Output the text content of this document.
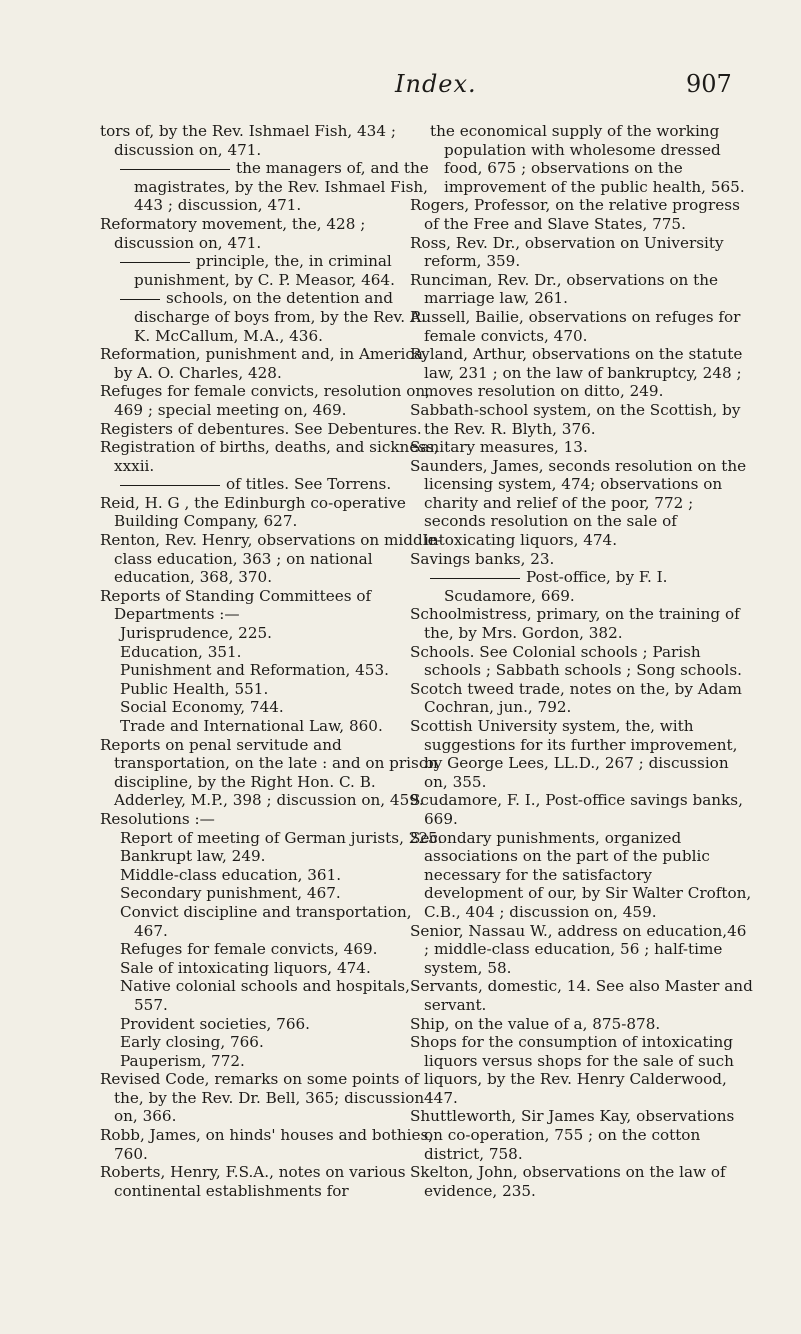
Index.	907
tors of, by the Rev. Ishmael Fish, 434 ; discussion on, 471.
the managers of, and the magistrates, by the Rev. Ishmael Fish, 443 ; discussion, 471.
Reformatory movement, the, 428 ; discussion on, 471.
principle, the, in criminal punishment, by C. P. Measor, 464.
schools, on the detention and discharge of boys from, by the Rev. A. K. McCallum, M.A., 436.
Reformation, punishment and, in America, by A. O. Charles, 428.
Refuges for female convicts, resolution on, 469 ; special meeting on, 469.
Registers of debentures. See Debentures.
Registration of births, deaths, and sickness, xxxii.
of titles. See Torrens.
Reid, H. G , the Edinburgh co-operative Building Company, 627.
Renton, Rev. Henry, observations on middle-class education, 363 ; on national education, 368, 370.
Reports of Standing Committees of Departments :—
Jurisprudence, 225.
Education, 351.
Punishment and Reformation, 453.
Public Health, 551.
Social Economy, 744.
Trade and International Law, 860.
Reports on penal servitude and transportation, on the late : and on prison discipline, by the Right Hon. C. B. Adderley, M.P., 398 ; discussion on, 459.
Resolutions :—
Report of meeting of German jurists, 225.
Bankrupt law, 249.
Middle-class education, 361.
Secondary punishment, 467.
Convict discipline and transportation, 467.
Refuges for female convicts, 469.
Sale of intoxicating liquors, 474.
Native colonial schools and hospitals, 557.
Provident societies, 766.
Early closing, 766.
Pauperism, 772.
Revised Code, remarks on some points of the, by the Rev. Dr. Bell, 365; discussion on, 366.
Robb, James, on hinds' houses and bothies, 760.
Roberts, Henry, F.S.A., notes on various continental establishments for
the economical supply of the working population with wholesome dressed food, 675 ; observations on the improvement of the public health, 565.
Rogers, Professor, on the relative progress of the Free and Slave States, 775.
Ross, Rev. Dr., observation on University reform, 359.
Runciman, Rev. Dr., observations on the marriage law, 261.
Russell, Bailie, observations on refuges for female convicts, 470.
Ryland, Arthur, observations on the statute law, 231 ; on the law of bankruptcy, 248 ; moves resolution on ditto, 249.
Sabbath-school system, on the Scottish, by the Rev. R. Blyth, 376.
Sanitary measures, 13.
Saunders, James, seconds resolution on the licensing system, 474; observations on charity and relief of the poor, 772 ; seconds resolution on the sale of intoxicating liquors, 474.
Savings banks, 23.
Post-office, by F. I. Scudamore, 669.
Schoolmistress, primary, on the training of the, by Mrs. Gordon, 382.
Schools. See Colonial schools ; Parish schools ; Sabbath schools ; Song schools.
Scotch tweed trade, notes on the, by Adam Cochran, jun., 792.
Scottish University system, the, with suggestions for its further improvement, by George Lees, LL.D., 267 ; discussion on, 355.
Scudamore, F. I., Post-office savings banks, 669.
Secondary punishments, organized associations on the part of the public necessary for the satisfactory development of our, by Sir Walter Crofton, C.B., 404 ; discussion on, 459.
Senior, Nassau W., address on education,46 ; middle-class education, 56 ; half-time system, 58.
Servants, domestic, 14. See also Master and servant.
Ship, on the value of a, 875-878.
Shops for the consumption of intoxicating liquors versus shops for the sale of such liquors, by the Rev. Henry Calderwood, 447.
Shuttleworth, Sir James Kay, observations on co-operation, 755 ; on the cotton district, 758.
Skelton, John, observations on the law of evidence, 235.
